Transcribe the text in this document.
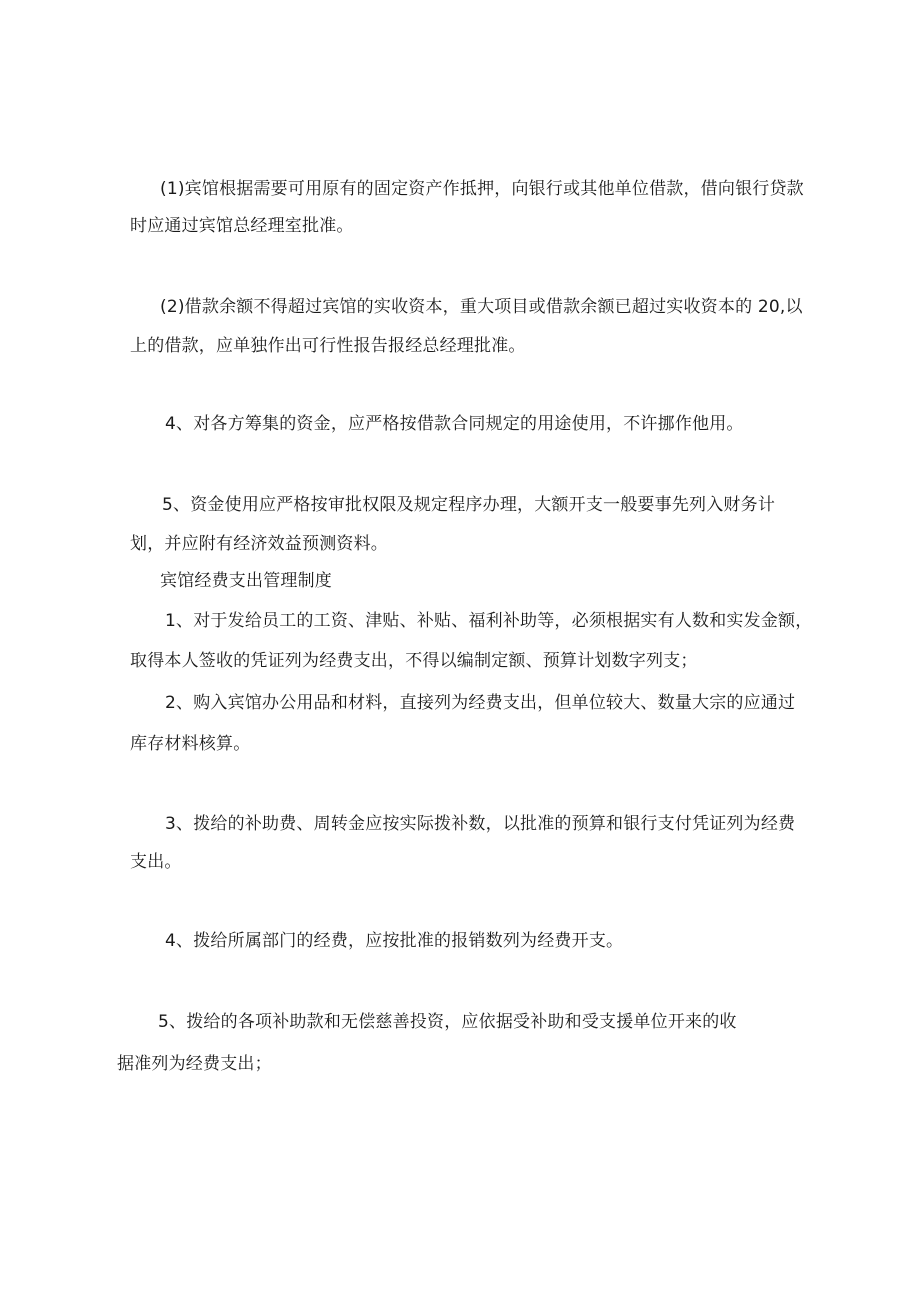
(1)宾馆根据需要可用原有的固定资产作抵押，向银行或其他单位借款，借向银行贷款
时应通过宾馆总经理室批准。
(2)借款余额不得超过宾馆的实收资本，重大项目或借款余额已超过实收资本的 20,以
上的借款，应单独作出可行性报告报经总经理批准。
4、对各方筹集的资金，应严格按借款合同规定的用途使用，不许挪作他用。
5、资金使用应严格按审批权限及规定程序办理，大额开支一般要事先列入财务计
划，并应附有经济效益预测资料。
宾馆经费支出管理制度
1、对于发给员工的工资、津贴、补贴、福利补助等，必须根据实有人数和实发金额，
取得本人签收的凭证列为经费支出，不得以编制定额、预算计划数字列支；
2、购入宾馆办公用品和材料，直接列为经费支出，但单位较大、数量大宗的应通过
库存材料核算。
3、拨给的补助费、周转金应按实际拨补数，以批准的预算和银行支付凭证列为经费
支出。
4、拨给所属部门的经费，应按批准的报销数列为经费开支。
5、拨给的各项补助款和无偿慈善投资，应依据受补助和受支援单位开来的收
据准列为经费支出；
